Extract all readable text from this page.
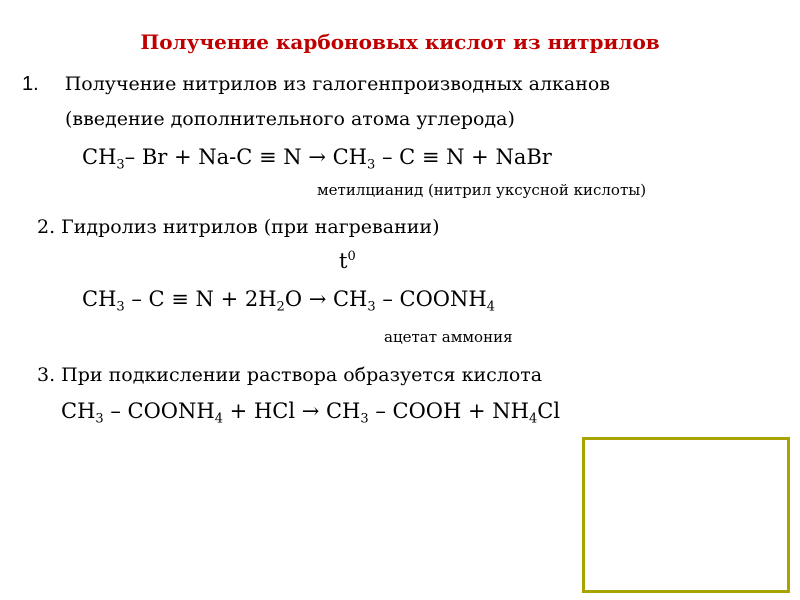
Получение карбоновых кислот из нитрилов
1. Получение нитрилов из галогенпроизводных алканов
(введение дополнительного атома углерода)
$CH_3-$ $Br + Na-C \equiv N \to CH_3 - C \equiv N$ + NaBr
метилцианид (нитрил уксусной кислоты)
2. Гидролиз нитрилов (при нагревании)
$t^0$
$CH_3 - C \equiv N + 2H_2O \to CH_3$ – $COONH_4$
ацетат аммония
3. При подкислении раствора образуется кислота
$CH_3$ – $COONH_4$ + HCl → $CH_3$ – COOH + $NH_4Cl$
